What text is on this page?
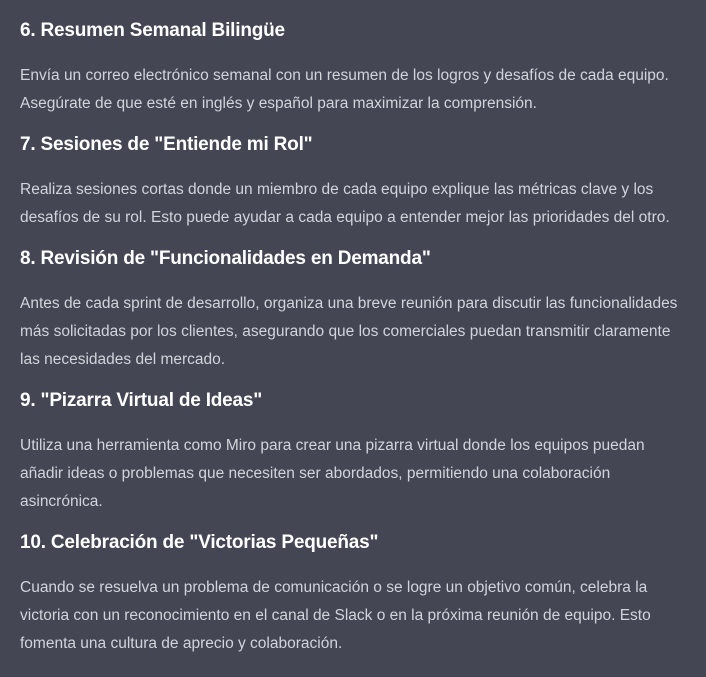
6. Resumen Semanal Bilingüe

Envía un correo electrónico semanal con un resumen de los logros y desafíos de cada equipo. Asegúrate de que esté en inglés y español para maximizar la comprensión.

7. Sesiones de "Entiende mi Rol"

Realiza sesiones cortas donde un miembro de cada equipo explique las métricas clave y los desafíos de su rol. Esto puede ayudar a cada equipo a entender mejor las prioridades del otro.

8. Revisión de "Funcionalidades en Demanda"

Antes de cada sprint de desarrollo, organiza una breve reunión para discutir las funcionalidades más solicitadas por los clientes, asegurando que los comerciales puedan transmitir claramente las necesidades del mercado.

9. "Pizarra Virtual de Ideas"

Utiliza una herramienta como Miro para crear una pizarra virtual donde los equipos puedan añadir ideas o problemas que necesiten ser abordados, permitiendo una colaboración asincrónica.

10. Celebración de "Victorias Pequeñas"

Cuando se resuelva un problema de comunicación o se logre un objetivo común, celebra la victoria con un reconocimiento en el canal de Slack o en la próxima reunión de equipo. Esto fomenta una cultura de aprecio y colaboración.
